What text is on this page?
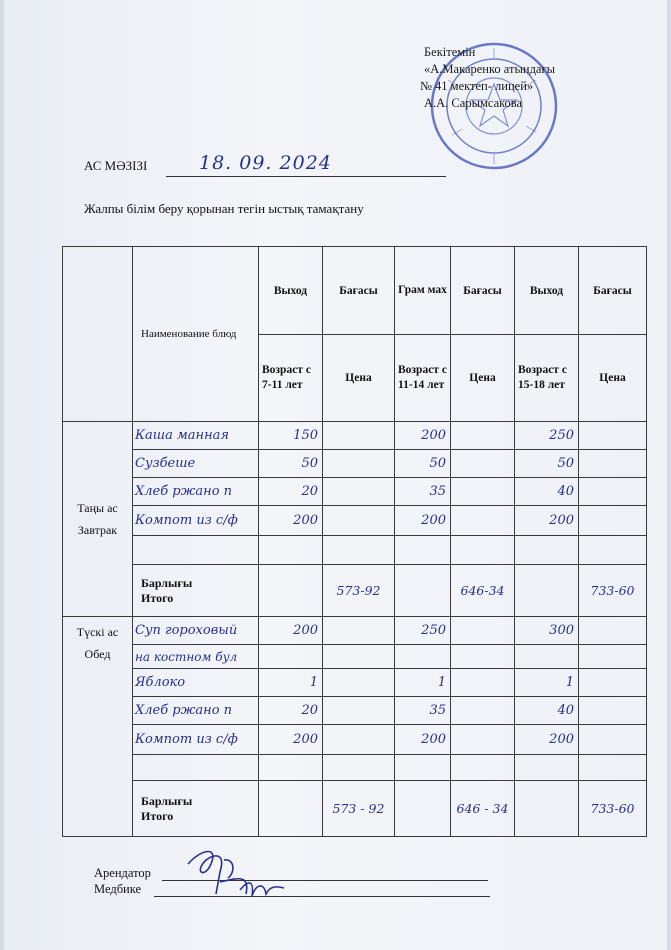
Бекітемін
«А.Макаренко атындағы
№ 41 мектеп- лицей»
А.А. Сарымсакова
АС МӘЗІЗІ	18. 09. 2024
Жалпы білім беру қорынан тегін ыстық тамақтану
	Наименование блюд	Выход	Бағасы	Грам мах	Бағасы	Выход	Бағасы
		Возраст с 7-11 лет	Цена	Возраст с 11-14 лет	Цена	Возраст с 15-18 лет	Цена

Таңы ас
Завтрак	Каша манная	150		200		250	
	Сузбеше	50		50		50	
	Хлеб ржано п	20		35		40	
	Компот из с/ф	200		200		200	

	Барлығы
Итого		573-92		646-34		733-60

Түскі ас
Обед	Суп гороховый	200		250		300	
	на костном бул						
	Яблоко	1		1		1	
	Хлеб ржано п	20		35		40	
	Компот из с/ф	200		200		200	

	Барлығы
Итого		573 - 92		646 - 34		733-60
Арендатор
Медбике
